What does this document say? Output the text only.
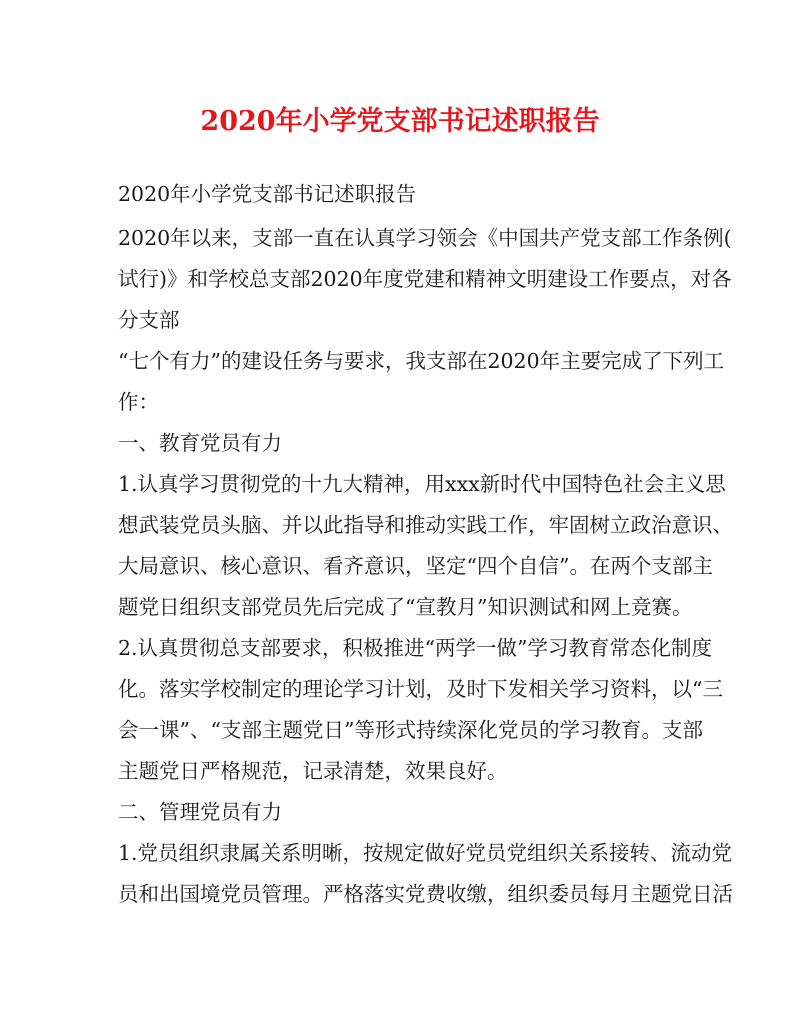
2020年小学党支部书记述职报告
2020年小学党支部书记述职报告
2020年以来，支部一直在认真学习领会《中国共产党支部工作条例(
试行)》和学校总支部2020年度党建和精神文明建设工作要点，对各
分支部
“七个有力”的建设任务与要求，我支部在2020年主要完成了下列工
作：
一、教育党员有力
1.认真学习贯彻党的十九大精神，用xxx新时代中国特色社会主义思
想武装党员头脑、并以此指导和推动实践工作，牢固树立政治意识、
大局意识、核心意识、看齐意识，坚定“四个自信”。在两个支部主
题党日组织支部党员先后完成了“宣教月”知识测试和网上竞赛。
2.认真贯彻总支部要求，积极推进“两学一做”学习教育常态化制度
化。落实学校制定的理论学习计划，及时下发相关学习资料，以“三
会一课”、“支部主题党日”等形式持续深化党员的学习教育。支部
主题党日严格规范，记录清楚，效果良好。
二、管理党员有力
1.党员组织隶属关系明晰，按规定做好党员党组织关系接转、流动党
员和出国境党员管理。严格落实党费收缴，组织委员每月主题党日活
